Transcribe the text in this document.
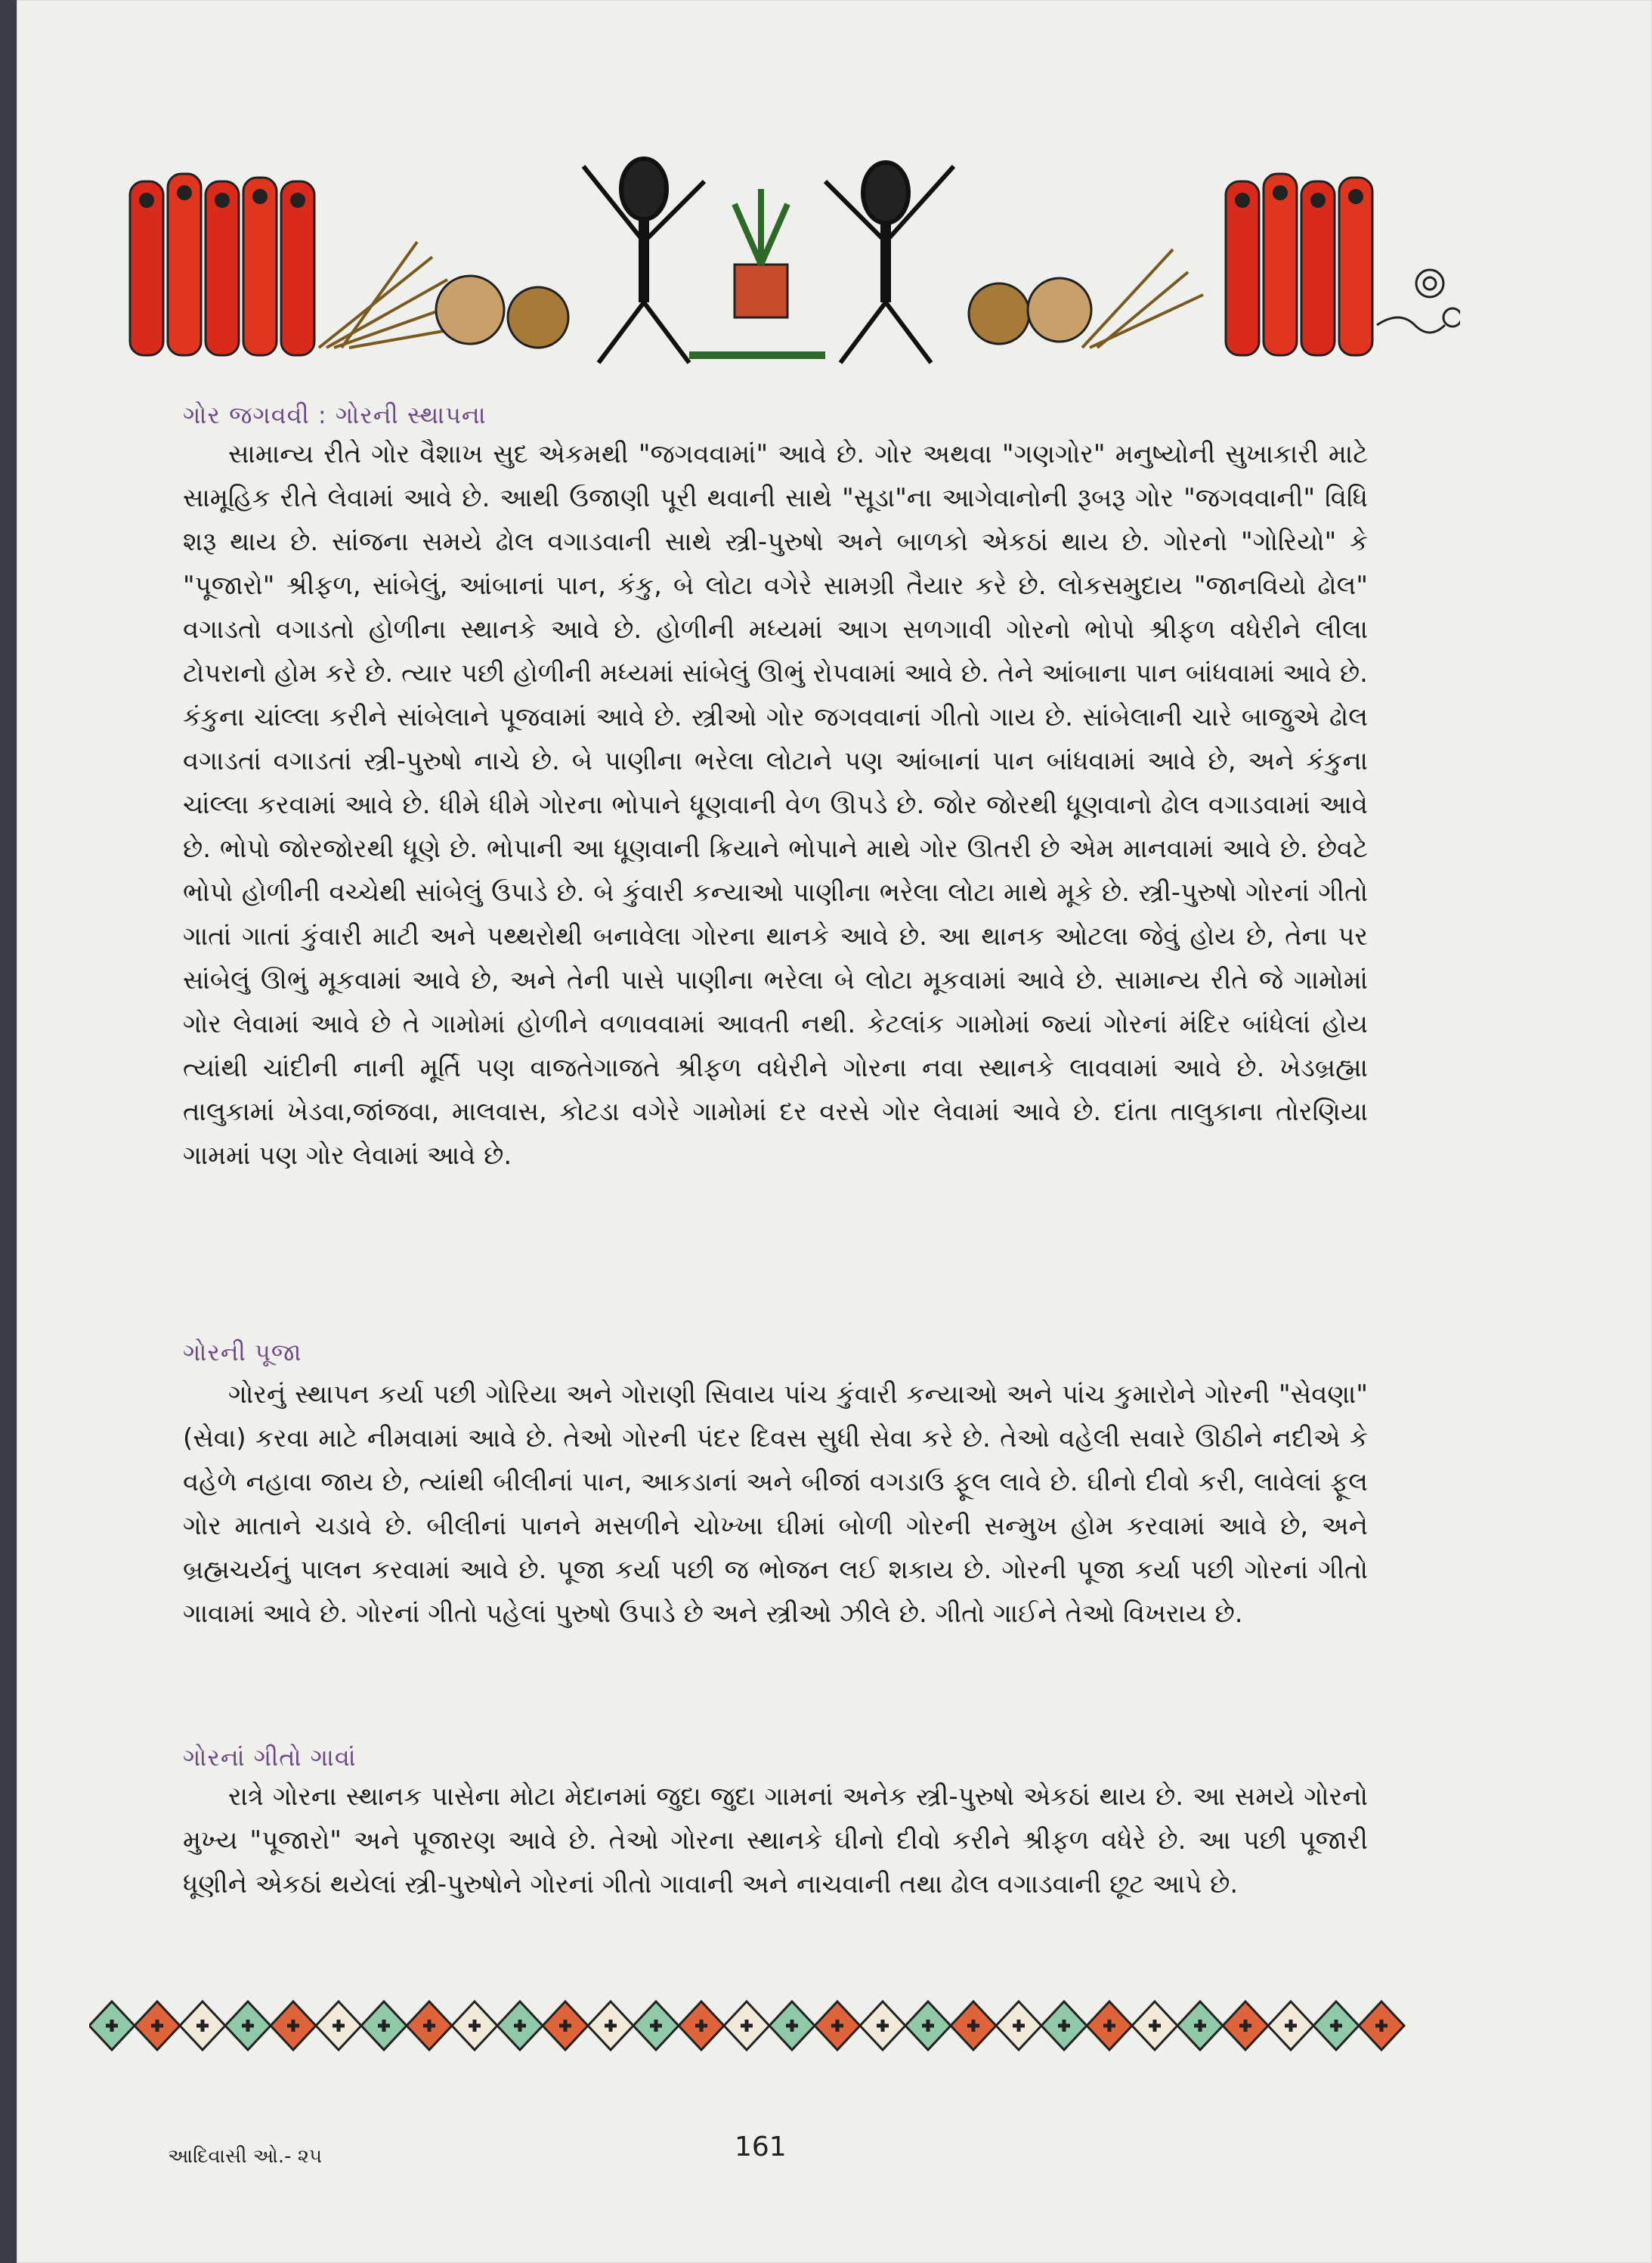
ગોર જગવવી : ગોરની સ્થાપના

સામાન્ય રીતે ગોર વૈશાખ સુદ એકમથી "જગવવામાં" આવે છે. ગોર અથવા "ગણગોર" મનુષ્યોની સુખાકારી માટે સામૂહિક રીતે લેવામાં આવે છે. આથી ઉજાણી પૂરી થવાની સાથે "સૂડા"ના આગેવાનોની રૂબરૂ ગોર "જગવવાની" વિધિ શરૂ થાય છે. સાંજના સમયે ઢોલ વગાડવાની સાથે સ્ત્રી-પુરુષો અને બાળકો એકઠાં થાય છે. ગોરનો "ગોરિયો" કે "પૂજારો" શ્રીફળ, સાંબેલું, આંબાનાં પાન, કંકુ, બે લોટા વગેરે સામગ્રી તૈયાર કરે છે. લોકસમુદાય "જાનવિયો ઢોલ" વગાડતો વગાડતો હોળીના સ્થાનકે આવે છે. હોળીની મધ્યમાં આગ સળગાવી ગોરનો ભોપો શ્રીફળ વધેરીને લીલા ટોપરાનો હોમ કરે છે. ત્યાર પછી હોળીની મધ્યમાં સાંબેલું ઊભું રોપવામાં આવે છે. તેને આંબાના પાન બાંધવામાં આવે છે. કંકુના ચાંલ્લા કરીને સાંબેલાને પૂજવામાં આવે છે. સ્ત્રીઓ ગોર જગવવાનાં ગીતો ગાય છે. સાંબેલાની ચારે બાજુએ ઢોલ વગાડતાં વગાડતાં સ્ત્રી-પુરુષો નાચે છે. બે પાણીના ભરેલા લોટાને પણ આંબાનાં પાન બાંધવામાં આવે છે, અને કંકુના ચાંલ્લા કરવામાં આવે છે. ધીમે ધીમે ગોરના ભોપાને ધૂણવાની વેળ ઊપડે છે. જોર જોરથી ધૂણવાનો ઢોલ વગાડવામાં આવે છે. ભોપો જોરજોરથી ધૂણે છે. ભોપાની આ ધૂણવાની ક્રિયાને ભોપાને માથે ગોર ઊતરી છે એમ માનવામાં આવે છે. છેવટે ભોપો હોળીની વચ્ચેથી સાંબેલું ઉપાડે છે. બે કુંવારી કન્યાઓ પાણીના ભરેલા લોટા માથે મૂકે છે. સ્ત્રી-પુરુષો ગોરનાં ગીતો ગાતાં ગાતાં કુંવારી માટી અને પથ્થરોથી બનાવેલા ગોરના થાનકે આવે છે. આ થાનક ઓટલા જેવું હોય છે, તેના પર સાંબેલું ઊભું મૂકવામાં આવે છે, અને તેની પાસે પાણીના ભરેલા બે લોટા મૂકવામાં આવે છે. સામાન્ય રીતે જે ગામોમાં ગોર લેવામાં આવે છે તે ગામોમાં હોળીને વળાવવામાં આવતી નથી. કેટલાંક ગામોમાં જ્યાં ગોરનાં મંદિર બાંધેલાં હોય ત્યાંથી ચાંદીની નાની મૂર્તિ પણ વાજતેગાજતે શ્રીફળ વધેરીને ગોરના નવા સ્થાનકે લાવવામાં આવે છે. ખેડબ્રહ્મા તાલુકામાં ખેડવા,જાંજવા, માલવાસ, કોટડા વગેરે ગામોમાં દર વરસે ગોર લેવામાં આવે છે. દાંતા તાલુકાના તોરણિયા ગામમાં પણ ગોર લેવામાં આવે છે.

ગોરની પૂજા

ગોરનું સ્થાપન કર્યા પછી ગોરિયા અને ગોરાણી સિવાય પાંચ કુંવારી કન્યાઓ અને પાંચ કુમારોને ગોરની "સેવણા" (સેવા) કરવા માટે નીમવામાં આવે છે. તેઓ ગોરની પંદર દિવસ સુધી સેવા કરે છે. તેઓ વહેલી સવારે ઊઠીને નદીએ કે વહેળે નહાવા જાય છે, ત્યાંથી બીલીનાં પાન, આકડાનાં અને બીજાં વગડાઉ ફૂલ લાવે છે. ઘીનો દીવો કરી, લાવેલાં ફૂલ ગોર માતાને ચડાવે છે. બીલીનાં પાનને મસળીને ચોખ્ખા ઘીમાં બોળી ગોરની સન્મુખ હોમ કરવામાં આવે છે, અને બ્રહ્મચર્યનું પાલન કરવામાં આવે છે. પૂજા કર્યા પછી જ ભોજન લઈ શકાય છે. ગોરની પૂજા કર્યા પછી ગોરનાં ગીતો ગાવામાં આવે છે. ગોરનાં ગીતો પહેલાં પુરુષો ઉપાડે છે અને સ્ત્રીઓ ઝીલે છે. ગીતો ગાઈને તેઓ વિખરાય છે.

ગોરનાં ગીતો ગાવાં

રાત્રે ગોરના સ્થાનક પાસેના મોટા મેદાનમાં જુદા જુદા ગામનાં અનેક સ્ત્રી-પુરુષો એકઠાં થાય છે. આ સમયે ગોરનો મુખ્ય "પૂજારો" અને પૂજારણ આવે છે. તેઓ ગોરના સ્થાનકે ઘીનો દીવો કરીને શ્રીફળ વધેરે છે. આ પછી પૂજારી ધૂણીને એકઠાં થયેલાં સ્ત્રી-પુરુષોને ગોરનાં ગીતો ગાવાની અને નાચવાની તથા ઢોલ વગાડવાની છૂટ આપે છે.

આદિવાસી ઓ.- ૨૫	161
